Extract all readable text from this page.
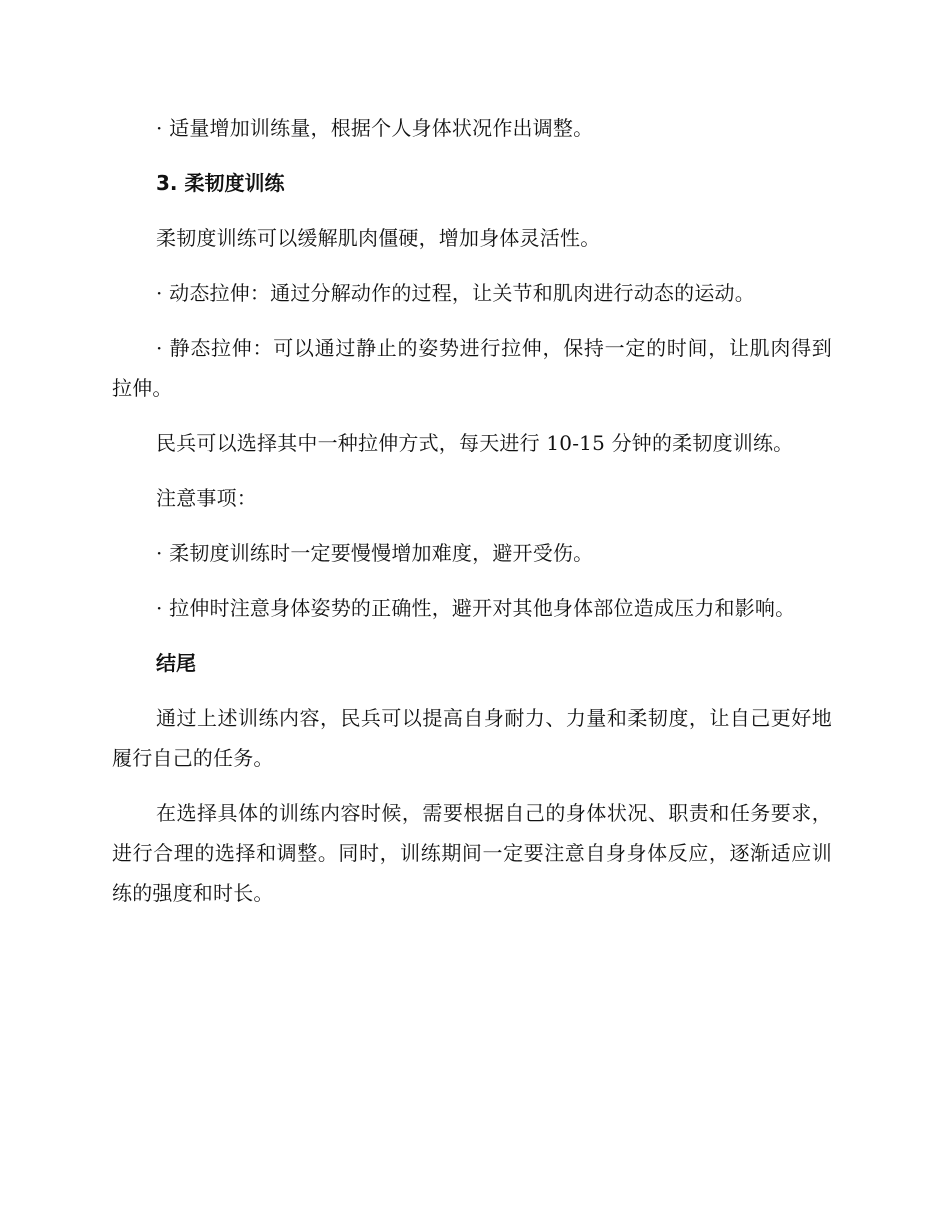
· 适量增加训练量，根据个人身体状况作出调整。

3. 柔韧度训练

柔韧度训练可以缓解肌肉僵硬，增加身体灵活性。

· 动态拉伸：通过分解动作的过程，让关节和肌肉进行动态的运动。

· 静态拉伸：可以通过静止的姿势进行拉伸，保持一定的时间，让肌肉得到拉伸。

民兵可以选择其中一种拉伸方式，每天进行 10-15 分钟的柔韧度训练。

注意事项：

· 柔韧度训练时一定要慢慢增加难度，避开受伤。

· 拉伸时注意身体姿势的正确性，避开对其他身体部位造成压力和影响。

结尾

通过上述训练内容，民兵可以提高自身耐力、力量和柔韧度，让自己更好地履行自己的任务。

在选择具体的训练内容时候，需要根据自己的身体状况、职责和任务要求，进行合理的选择和调整。同时，训练期间一定要注意自身身体反应，逐渐适应训练的强度和时长。
